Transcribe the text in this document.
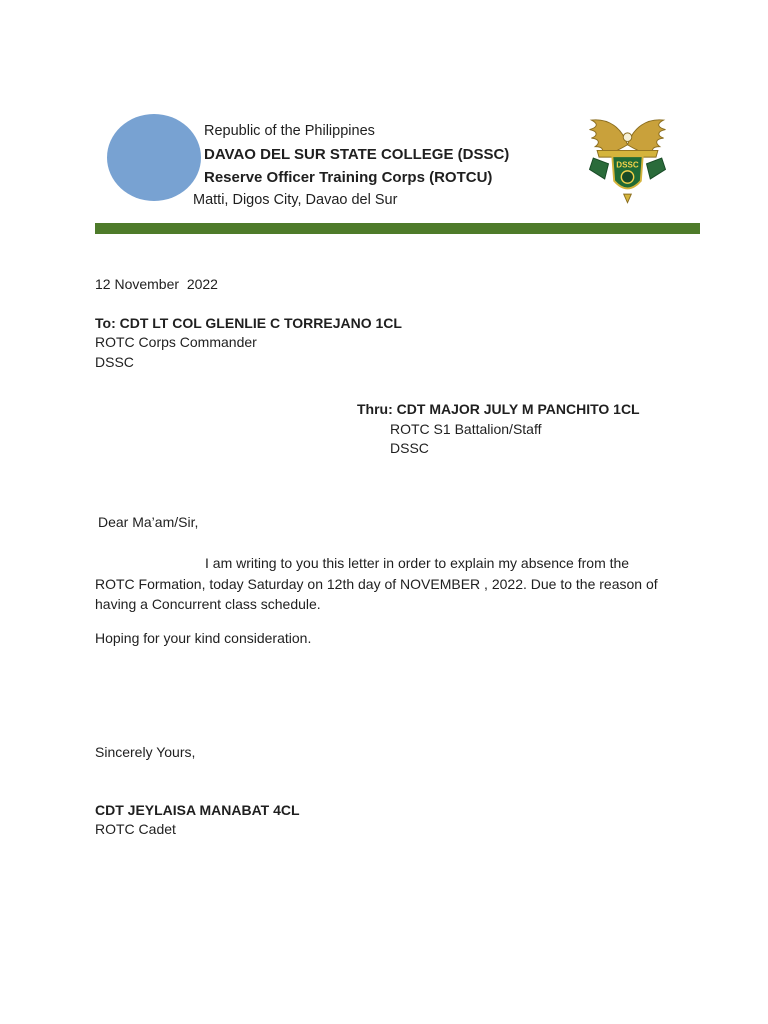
Republic of the Philippines

DAVAO DEL SUR STATE COLLEGE (DSSC)

Reserve Officer Training Corps (ROTCU)

Matti, Digos City, Davao del Sur

DSSC

12 November  2022

To: CDT LT COL GLENLIE C TORREJANO 1CL

ROTC Corps Commander

DSSC

Thru: CDT MAJOR JULY M PANCHITO 1CL

ROTC S1 Battalion/Staff

DSSC

Dear Ma’am/Sir,

I am writing to you this letter in order to explain my absence from the ROTC Formation, today Saturday on 12th day of NOVEMBER , 2022. Due to the reason of having a Concurrent class schedule.

Hoping for your kind consideration.

Sincerely Yours,

CDT JEYLAISA MANABAT 4CL

ROTC Cadet
